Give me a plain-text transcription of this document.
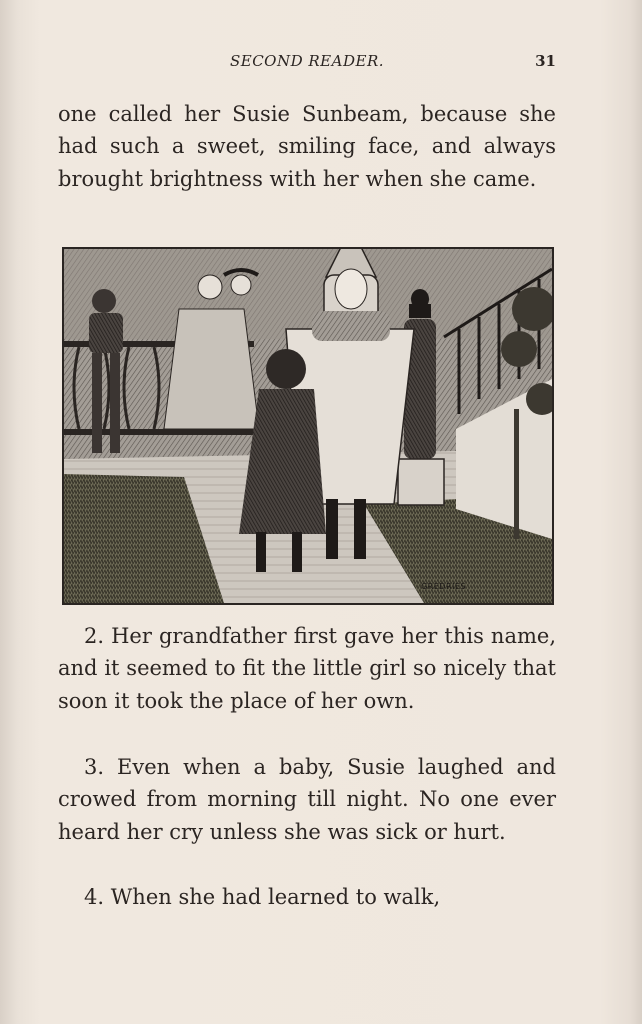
SECOND READER.	31

one called her Susie Sunbeam, because she had such a sweet, smiling face, and always brought brightness with her when she came.

GREDRIES

2. Her grandfather first gave her this name, and it seemed to fit the little girl so nicely that soon it took the place of her own.

3. Even when a baby, Susie laughed and crowed from morning till night. No one ever heard her cry unless she was sick or hurt.

4. When she had learned to walk,
